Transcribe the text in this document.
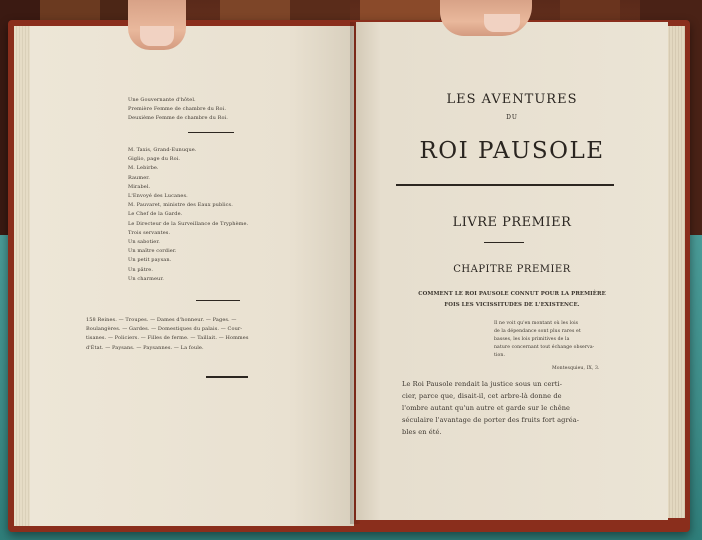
Une Gouvernante d'hôtel.
Première Femme de chambre du Roi.
Deuxième Femme de chambre du Roi.
M. Taxis, Grand-Eunuque.
Giglio, page du Roi.
M. Lebirbe.
Raumer.
Mirabel.
L'Envoyé des Lucanes.
M. Pauvaret, ministre des Eaux publics.
Le Chef de la Garde.
Le Directeur de la Surveillance de Tryphème.
Trois servantes.
Un sabotier.
Un maître cordier.
Un petit paysan.
Un pâtre.
Un charmeur.
158 Reines. — Troupes. — Dames d'honneur. — Pages. —
Boulangères. — Gardes. — Domestiques du palais. — Cour-
tisanes. — Policiers. — Filles de ferme. — Taillait. — Hommes
d'État. — Paysans. — Paysannes. — La foule.
LES AVENTURES
DU
ROI PAUSOLE
LIVRE PREMIER
CHAPITRE PREMIER
COMMENT LE ROI PAUSOLE CONNUT POUR LA PREMIÈRE
FOIS LES VICISSITUDES DE L'EXISTENCE.
Il ne voit qu'en montant où les lois
de la dépendance sont plus rares et
basses, les lois primitives de la
nature concernant tout échange observa-
tion.
Montesquieu, IX, 3.
Le Roi Pausole rendait la justice sous un certi-
cier, parce que, disait-il, cet arbre-là donne de
l'ombre autant qu'un autre et garde sur le chêne
séculaire l'avantage de porter des fruits fort agréa-
bles en été.
